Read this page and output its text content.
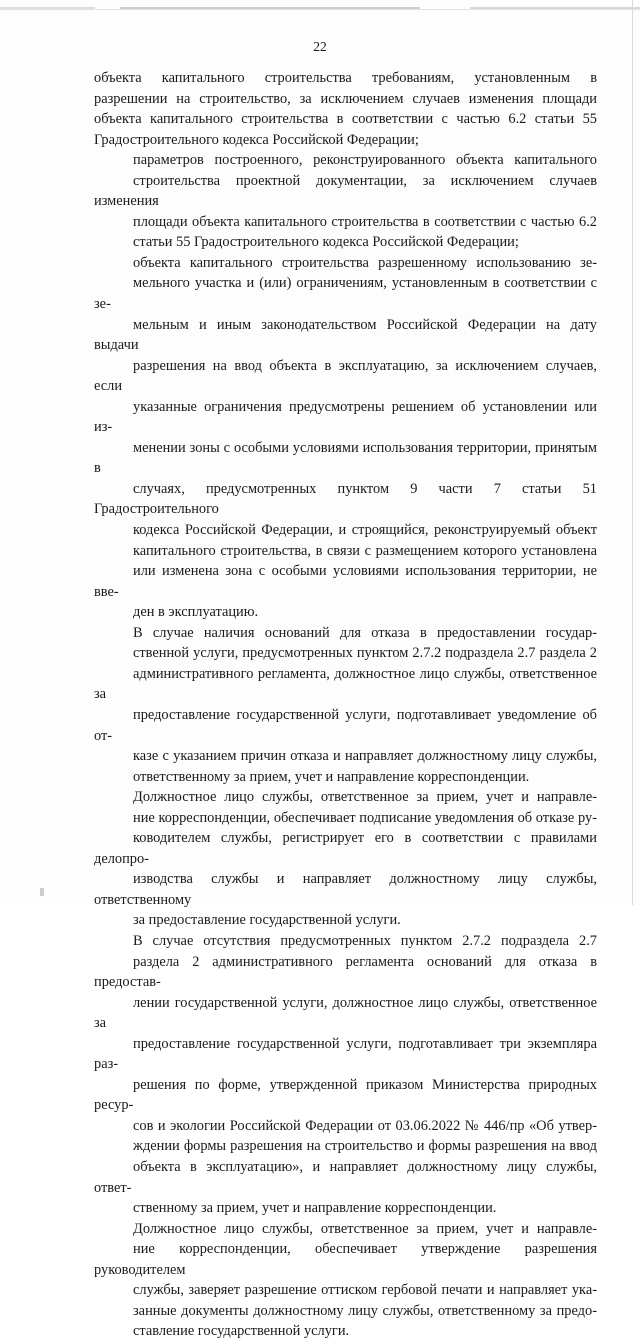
22

объекта капитального строительства требованиям, установленным в
разрешении на строительство, за исключением случаев изменения площади
объекта капитального строительства в соответствии с частью 6.2 статьи 55
Градостроительного кодекса Российской Федерации;

параметров построенного, реконструированного объекта капитального
строительства проектной документации, за исключением случаев изменения
площади объекта капитального строительства в соответствии с частью 6.2
статьи 55 Градостроительного кодекса Российской Федерации;

объекта капитального строительства разрешенному использованию зе-
мельного участка и (или) ограничениям, установленным в соответствии с зе-
мельным и иным законодательством Российской Федерации на дату выдачи
разрешения на ввод объекта в эксплуатацию, за исключением случаев, если
указанные ограничения предусмотрены решением об установлении или из-
менении зоны с особыми условиями использования территории, принятым в
случаях, предусмотренных пунктом 9 части 7 статьи 51 Градостроительного
кодекса Российской Федерации, и строящийся, реконструируемый объект
капитального строительства, в связи с размещением которого установлена
или изменена зона с особыми условиями использования территории, не вве-
ден в эксплуатацию.

В случае наличия оснований для отказа в предоставлении государ-
ственной услуги, предусмотренных пунктом 2.7.2 подраздела 2.7 раздела 2
административного регламента, должностное лицо службы, ответственное за
предоставление государственной услуги, подготавливает уведомление об от-
казе с указанием причин отказа и направляет должностному лицу службы,
ответственному за прием, учет и направление корреспонденции.

Должностное лицо службы, ответственное за прием, учет и направле-
ние корреспонденции, обеспечивает подписание уведомления об отказе ру-
ководителем службы, регистрирует его в соответствии с правилами делопро-
изводства службы и направляет должностному лицу службы, ответственному
за предоставление государственной услуги.

В случае отсутствия предусмотренных пунктом 2.7.2 подраздела 2.7
раздела 2 административного регламента оснований для отказа в предостав-
лении государственной услуги, должностное лицо службы, ответственное за
предоставление государственной услуги, подготавливает три экземпляра раз-
решения по форме, утвержденной приказом Министерства природных ресур-
сов и экологии Российской Федерации от 03.06.2022 № 446/пр «Об утвер-
ждении формы разрешения на строительство и формы разрешения на ввод
объекта в эксплуатацию», и направляет должностному лицу службы, ответ-
ственному за прием, учет и направление корреспонденции.

Должностное лицо службы, ответственное за прием, учет и направле-
ние корреспонденции, обеспечивает утверждение разрешения руководителем
службы, заверяет разрешение оттиском гербовой печати и направляет ука-
занные документы должностному лицу службы, ответственному за предо-
ставление государственной услуги.
